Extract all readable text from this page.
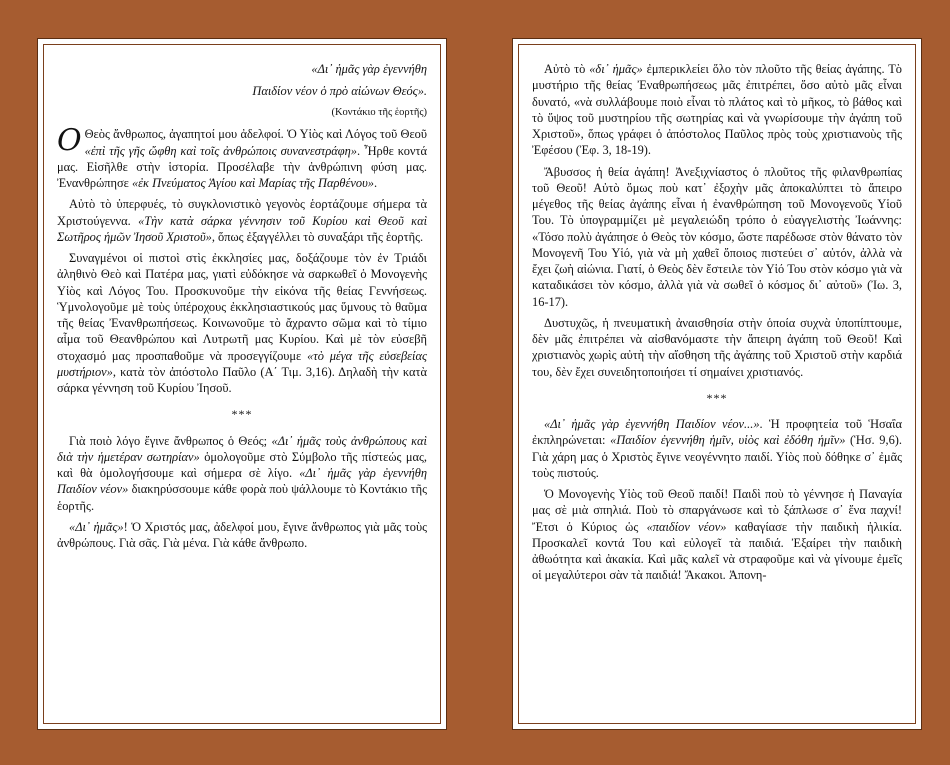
«Δι᾽ ἡμᾶς γὰρ ἐγεννήθη

Παιδίον νέον ὁ πρὸ αἰώνων Θεός».

(Κοντάκιο τῆς ἑορτῆς)

Ο Θεὸς ἄνθρωπος, ἀγαπητοί μου ἀδελφοί. Ὁ Υἱὸς καὶ Λόγος τοῦ Θεοῦ «ἐπὶ τῆς γῆς ὤφθη καὶ τοῖς ἀνθρώποις συνανεστράφη». Ἦρθε κοντά μας. Εἰσῆλθε στὴν ἱστορία. Προσέλαβε τὴν ἀνθρώπινη φύση μας. Ἐνανθρώπησε «ἐκ Πνεύματος Ἁγίου καὶ Μαρίας τῆς Παρθένου».

Αὐτὸ τὸ ὑπερφυές, τὸ συγκλονιστικὸ γεγονὸς ἑορτάζουμε σήμερα τὰ Χριστούγεννα. «Τὴν κατὰ σάρκα γέννησιν τοῦ Κυρίου καὶ Θεοῦ καὶ Σωτῆρος ἡμῶν Ἰησοῦ Χριστοῦ», ὅπως ἐξαγγέλλει τὸ συναξάρι τῆς ἑορτῆς.

Συναγμένοι οἱ πιστοὶ στὶς ἐκκλησίες μας, δοξάζουμε τὸν ἐν Τριάδι ἀληθινὸ Θεὸ καὶ Πατέρα μας, γιατὶ εὐδόκησε νὰ σαρκωθεῖ ὁ Μονογενὴς Υἱὸς καὶ Λόγος Του. Προσκυνοῦμε τὴν εἰκόνα τῆς θείας Γεννήσεως. Ὑμνολογοῦμε μὲ τοὺς ὑπέροχους ἐκκλησιαστικούς μας ὕμνους τὸ θαῦμα τῆς θείας Ἐνανθρωπήσεως. Κοινωνοῦμε τὸ ἄχραντο σῶμα καὶ τὸ τίμιο αἷμα τοῦ Θεανθρώπου καὶ Λυτρωτῆ μας Κυρίου. Καὶ μὲ τὸν εὐσεβῆ στοχασμό μας προσπαθοῦμε νὰ προσεγγίζουμε «τὸ μέγα τῆς εὐσεβείας μυστήριον», κατὰ τὸν ἀπόστολο Παῦλο (Α΄ Τιμ. 3,16). Δηλαδὴ τὴν κατὰ σάρκα γέννηση τοῦ Κυρίου Ἰησοῦ.

***

Γιὰ ποιὸ λόγο ἔγινε ἄνθρωπος ὁ Θεός; «Δι᾽ ἡμᾶς τοὺς ἀνθρώπους καὶ διὰ τὴν ἡμετέραν σωτηρίαν» ὁμολογοῦμε στὸ Σύμβολο τῆς πίστεώς μας, καὶ θὰ ὁμολογήσουμε καὶ σήμερα σὲ λίγο. «Δι᾽ ἡμᾶς γὰρ ἐγεννήθη Παιδίον νέον» διακηρύσσουμε κάθε φορὰ ποὺ ψάλλουμε τὸ Κοντάκιο τῆς ἑορτῆς.

«Δι᾽ ἡμᾶς»! Ὁ Χριστός μας, ἀδελφοί μου, ἔγινε ἄνθρωπος γιὰ μᾶς τοὺς ἀνθρώπους. Γιὰ σᾶς. Γιὰ μένα. Γιὰ κάθε ἄνθρωπο.

Αὐτὸ τὸ «δι᾽ ἡμᾶς» ἐμπερικλείει ὅλο τὸν πλοῦτο τῆς θείας ἀγάπης. Τὸ μυστήριο τῆς θείας Ἐναθρωπήσεως μᾶς ἐπιτρέπει, ὅσο αὐτὸ μᾶς εἶναι δυνατό, «νὰ συλλάβουμε ποιὸ εἶναι τὸ πλάτος καὶ τὸ μῆκος, τὸ βάθος καὶ τὸ ὕψος τοῦ μυστηρίου τῆς σωτηρίας καὶ νὰ γνωρίσουμε τὴν ἀγάπη τοῦ Χριστοῦ», ὅπως γράφει ὁ ἀπόστολος Παῦλος πρὸς τοὺς χριστιανοὺς τῆς Ἐφέσου (Ἐφ. 3, 18-19).

Ἄβυσσος ἡ θεία ἀγάπη! Ἀνεξιχνίαστος ὁ πλοῦτος τῆς φιλανθρωπίας τοῦ Θεοῦ! Αὐτὸ ὅμως ποὺ κατ᾽ ἐξοχὴν μᾶς ἀποκαλύπτει τὸ ἄπειρο μέγεθος τῆς θείας ἀγάπης εἶναι ἡ ἐνανθρώπηση τοῦ Μονογενοῦς Υἱοῦ Του. Τὸ ὑπογραμμίζει μὲ μεγαλειώδη τρόπο ὁ εὐαγγελιστὴς Ἰωάννης: «Τόσο πολὺ ἀγάπησε ὁ Θεὸς τὸν κόσμο, ὥστε παρέδωσε στὸν θάνατο τὸν Μονογενῆ Του Υἱό, γιὰ νὰ μὴ χαθεῖ ὅποιος πιστεύει σ᾽ αὐτόν, ἀλλὰ νὰ ἔχει ζωὴ αἰώνια. Γιατί, ὁ Θεὸς δὲν ἔστειλε τὸν Υἱό Του στὸν κόσμο γιὰ νὰ καταδικάσει τὸν κόσμο, ἀλλὰ γιὰ νὰ σωθεῖ ὁ κόσμος δι᾽ αὐτοῦ» (Ἰω. 3, 16-17).

Δυστυχῶς, ἡ πνευματικὴ ἀναισθησία στὴν ὁποία συχνὰ ὑποπίπτουμε, δὲν μᾶς ἐπιτρέπει νὰ αἰσθανόμαστε τὴν ἄπειρη ἀγάπη τοῦ Θεοῦ! Καὶ χριστιανὸς χωρὶς αὐτὴ τὴν αἴσθηση τῆς ἀγάπης τοῦ Χριστοῦ στὴν καρδιά του, δὲν ἔχει συνειδητοποιήσει τί σημαίνει χριστιανός.

***

«Δι᾽ ἡμᾶς γὰρ ἐγεννήθη Παιδίον νέον...». Ἡ προφητεία τοῦ Ἡσαΐα ἐκπληρώνεται: «Παιδίον ἐγεννήθη ἡμῖν, υἱὸς καὶ ἐδόθη ἡμῖν» (Ἡσ. 9,6). Γιὰ χάρη μας ὁ Χριστὸς ἔγινε νεογέννητο παιδί. Υἱὸς ποὺ δόθηκε σ᾽ ἐμᾶς τοὺς πιστούς.

Ὁ Μονογενὴς Υἱὸς τοῦ Θεοῦ παιδί! Παιδὶ ποὺ τὸ γέννησε ἡ Παναγία μας σὲ μιὰ σπηλιά. Ποὺ τὸ σπαργάνωσε καὶ τὸ ξάπλωσε σ᾽ ἕνα παχνί! Ἔτσι ὁ Κύριος ὡς «παιδίον νέον» καθαγίασε τὴν παιδικὴ ἡλικία. Προσκαλεῖ κοντά Του καὶ εὐλογεῖ τὰ παιδιά. Ἐξαίρει τὴν παιδικὴ ἀθωότητα καὶ ἀκακία. Καὶ μᾶς καλεῖ νὰ στραφοῦμε καὶ νὰ γίνουμε ἐμεῖς οἱ μεγαλύτεροι σὰν τὰ παιδιά! Ἄκακοι. Ἀπονη-
